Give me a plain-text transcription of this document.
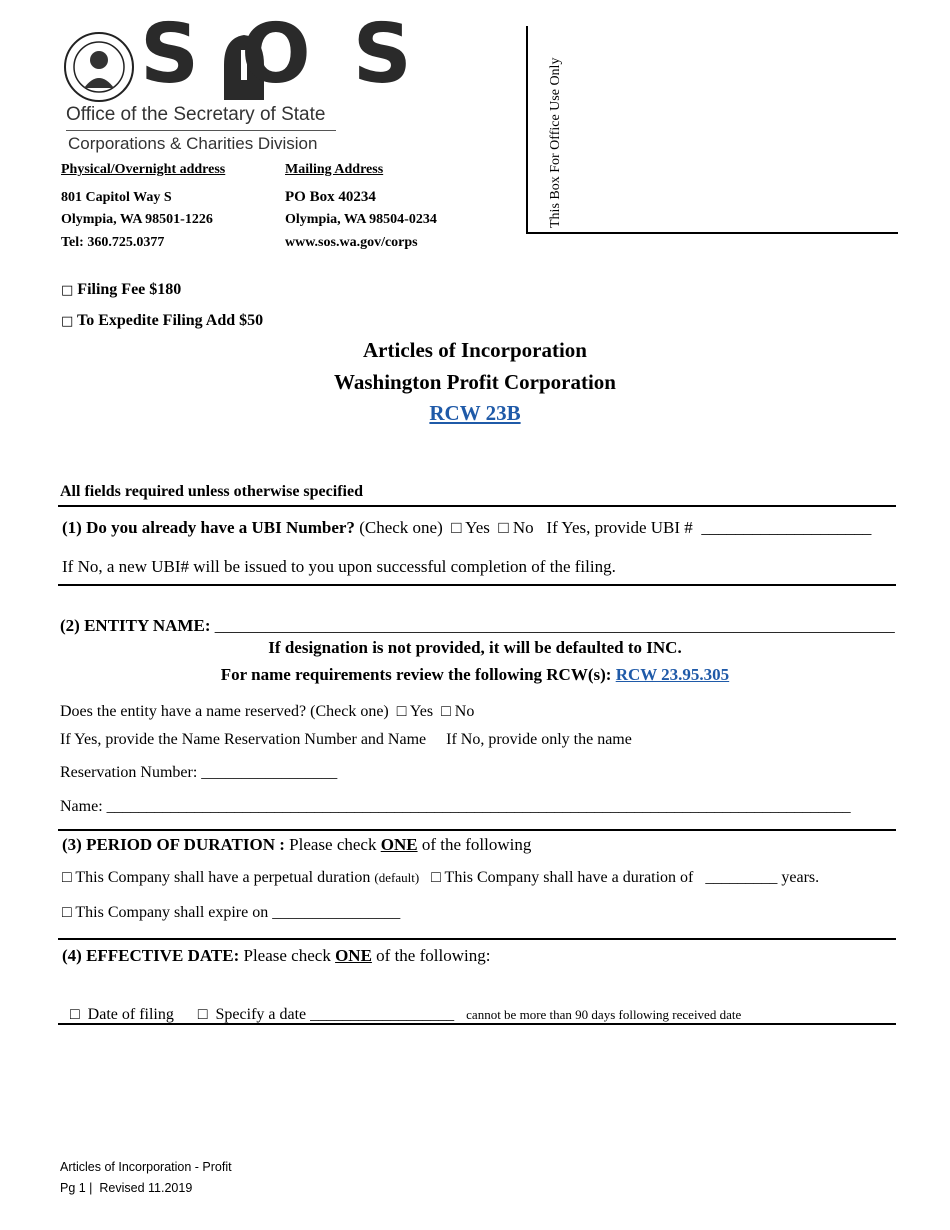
SOS
Office of the Secretary of State
Corporations & Charities Division
Physical/Overnight address
801 Capitol Way S
Olympia, WA 98501-1226
Tel: 360.725.0377
Mailing Address
PO Box 40234
Olympia, WA 98504-0234
www.sos.wa.gov/corps
This Box For Office Use Only
□ Filing Fee $180
□ To Expedite Filing Add $50
Articles of Incorporation
Washington Profit Corporation
RCW 23B
All fields required unless otherwise specified
(1) Do you already have a UBI Number? (Check one) □ Yes □ No If Yes, provide UBI # ____________________
If No, a new UBI# will be issued to you upon successful completion of the filing.
(2) ENTITY NAME: ________________________________________________________________________________
If designation is not provided, it will be defaulted to INC.
For name requirements review the following RCW(s): RCW 23.95.305
Does the entity have a name reserved? (Check one) □ Yes □ No
If Yes, provide the Name Reservation Number and Name     If No, provide only the name
Reservation Number: _________________
Name: _____________________________________________________________________________________________
(3) PERIOD OF DURATION : Please check ONE of the following
□ This Company shall have a perpetual duration (default) □ This Company shall have a duration of _________ years.
□ This Company shall expire on ________________
(4) EFFECTIVE DATE: Please check ONE of the following:

□  Date of filing □  Specify a date __________________ cannot be more than 90 days following received date

Articles of Incorporation - Profit
Pg 1 |  Revised 11.2019
